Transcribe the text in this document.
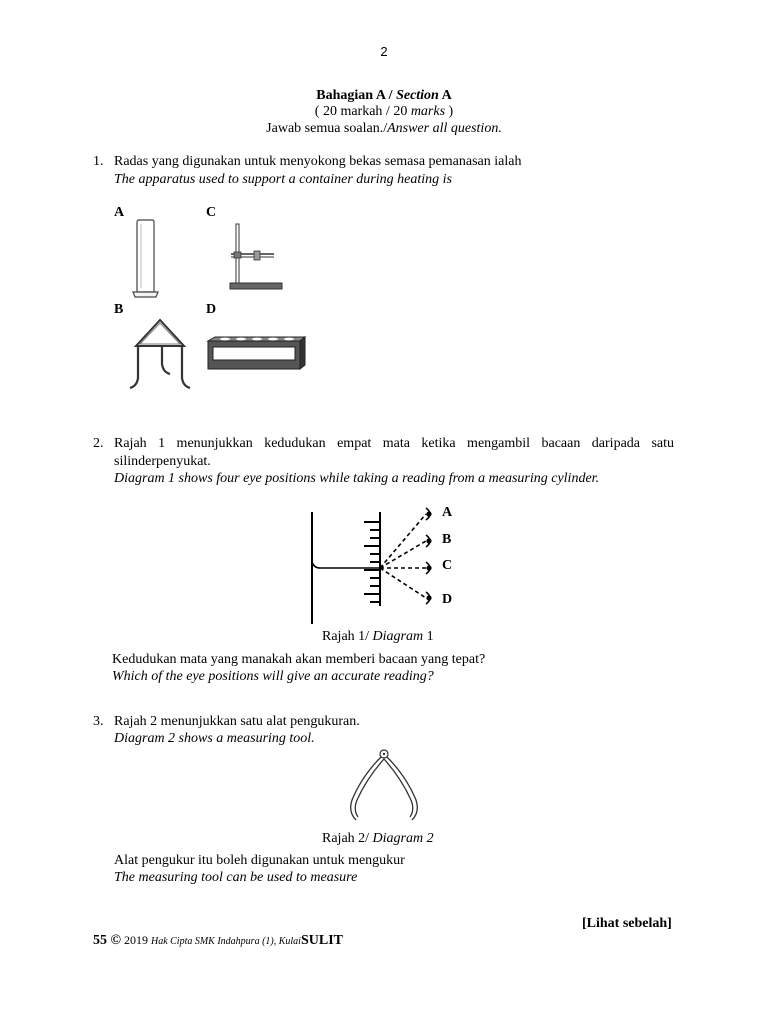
2
Bahagian A / Section A
( 20 markah / 20 marks )
Jawab semua soalan./Answer all question.
1. Radas yang digunakan untuk menyokong bekas semasa pemanasan ialah
The apparatus used to support a container during heating is
A	C
B	D
2. Rajah 1 menunjukkan kedudukan empat mata ketika mengambil bacaan daripada satu
silinderpenyukat.
Diagram 1 shows four eye positions while taking a reading from a measuring cylinder.
A
B
C
D
Rajah 1/ Diagram 1
Kedudukan mata yang manakah akan memberi bacaan yang tepat?
Which of the eye positions will give an accurate reading?
3. Rajah 2 menunjukkan satu alat pengukuran.
Diagram 2 shows a measuring tool.
Rajah 2/ Diagram 2
Alat pengukur itu boleh digunakan untuk mengukur
The measuring tool can be used to measure
[Lihat sebelah]
55 © 2019 Hak Cipta SMK Indahpura (1), KulaiSULIT
